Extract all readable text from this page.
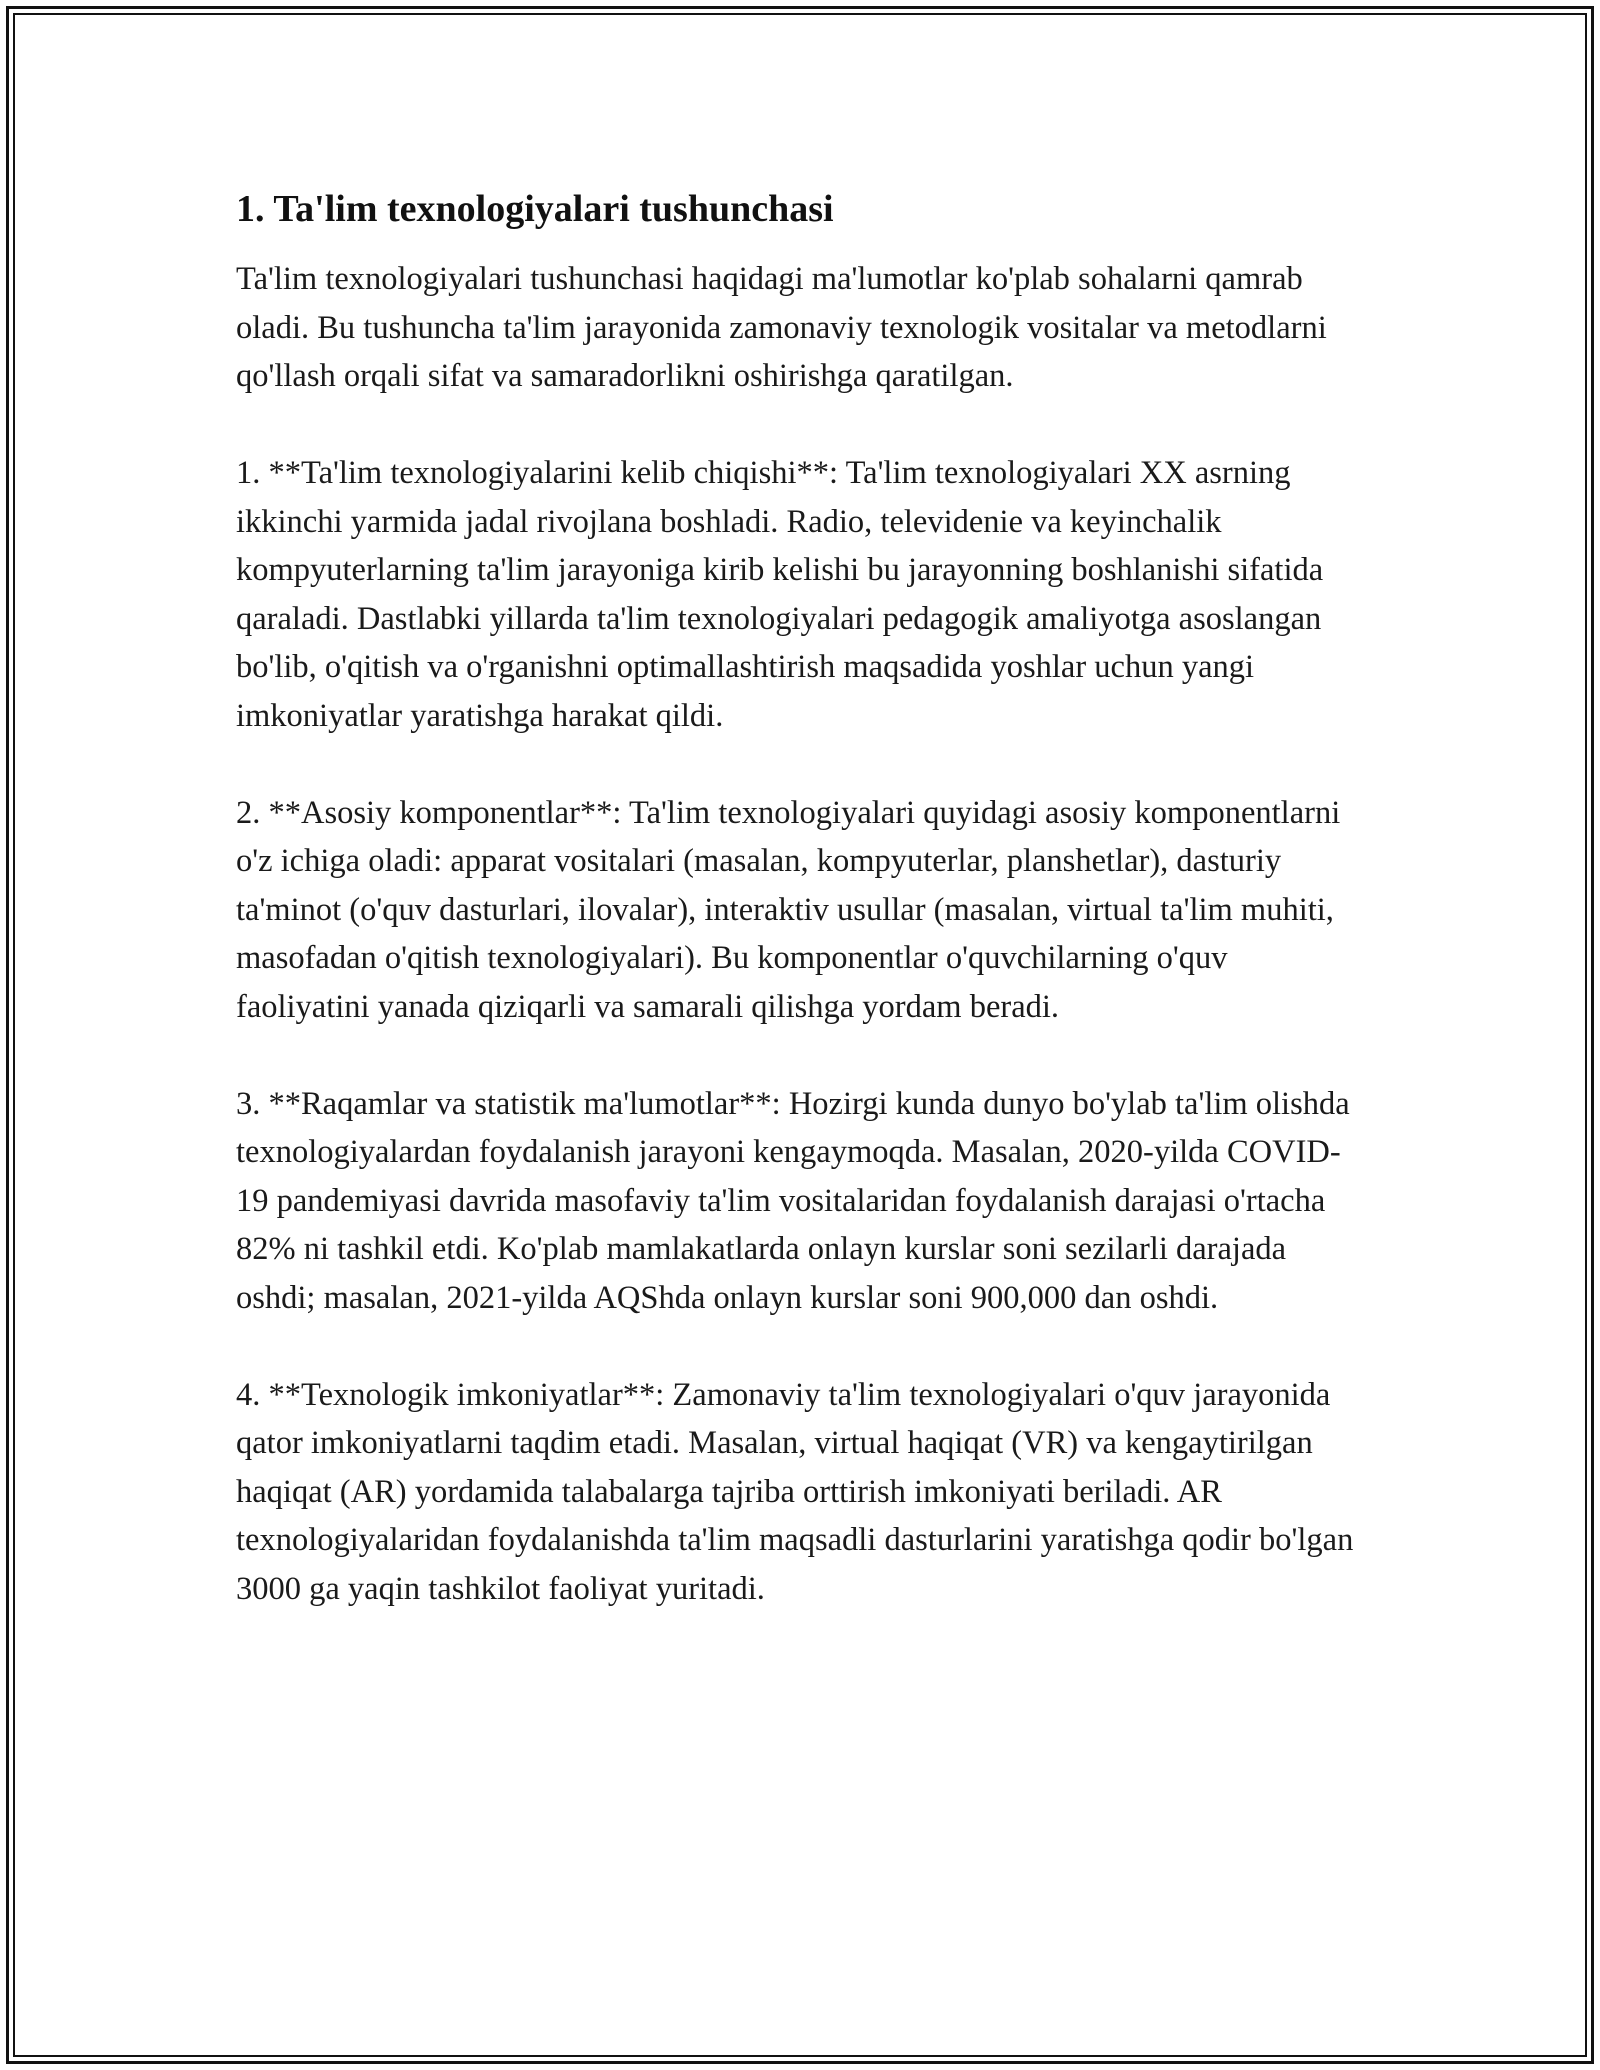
1. Ta'lim texnologiyalari tushunchasi

Ta'lim texnologiyalari tushunchasi haqidagi ma'lumotlar ko'plab sohalarni qamrab oladi. Bu tushuncha ta'lim jarayonida zamonaviy texnologik vositalar va metodlarni qo'llash orqali sifat va samaradorlikni oshirishga qaratilgan.

1. **Ta'lim texnologiyalarini kelib chiqishi**: Ta'lim texnologiyalari XX asrning ikkinchi yarmida jadal rivojlana boshladi. Radio, televidenie va keyinchalik kompyuterlarning ta'lim jarayoniga kirib kelishi bu jarayonning boshlanishi sifatida qaraladi. Dastlabki yillarda ta'lim texnologiyalari pedagogik amaliyotga asoslangan bo'lib, o'qitish va o'rganishni optimallashtirish maqsadida yoshlar uchun yangi imkoniyatlar yaratishga harakat qildi.

2. **Asosiy komponentlar**: Ta'lim texnologiyalari quyidagi asosiy komponentlarni o'z ichiga oladi: apparat vositalari (masalan, kompyuterlar, planshetlar), dasturiy ta'minot (o'quv dasturlari, ilovalar), interaktiv usullar (masalan, virtual ta'lim muhiti, masofadan o'qitish texnologiyalari). Bu komponentlar o'quvchilarning o'quv faoliyatini yanada qiziqarli va samarali qilishga yordam beradi.

3. **Raqamlar va statistik ma'lumotlar**: Hozirgi kunda dunyo bo'ylab ta'lim olishda texnologiyalardan foydalanish jarayoni kengaymoqda. Masalan, 2020-yilda COVID-19 pandemiyasi davrida masofaviy ta'lim vositalaridan foydalanish darajasi o'rtacha 82% ni tashkil etdi. Ko'plab mamlakatlarda onlayn kurslar soni sezilarli darajada oshdi; masalan, 2021-yilda AQShda onlayn kurslar soni 900,000 dan oshdi.

4. **Texnologik imkoniyatlar**: Zamonaviy ta'lim texnologiyalari o'quv jarayonida qator imkoniyatlarni taqdim etadi. Masalan, virtual haqiqat (VR) va kengaytirilgan haqiqat (AR) yordamida talabalarga tajriba orttirish imkoniyati beriladi. AR texnologiyalaridan foydalanishda ta'lim maqsadli dasturlarini yaratishga qodir bo'lgan 3000 ga yaqin tashkilot faoliyat yuritadi.
